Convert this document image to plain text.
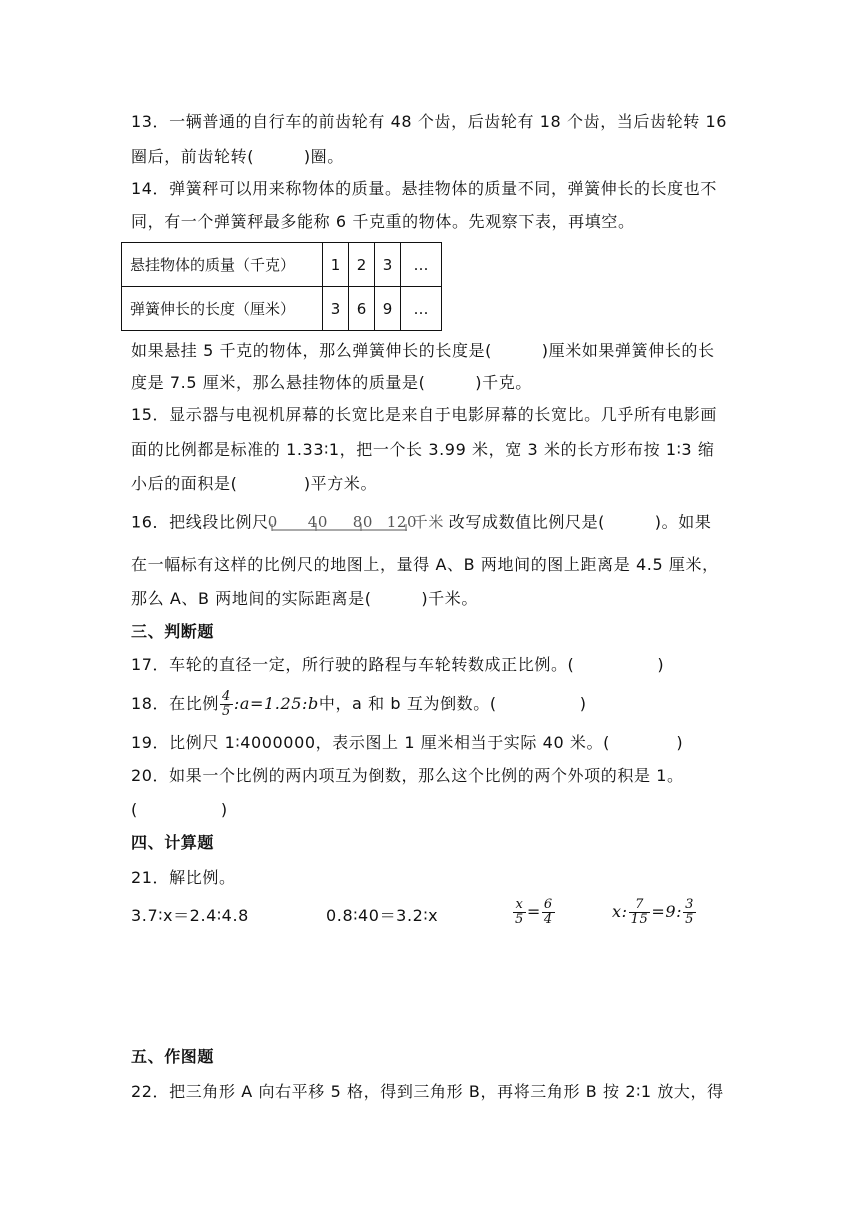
13．一辆普通的自行车的前齿轮有 48 个齿，后齿轮有 18 个齿，当后齿轮转 16
圈后，前齿轮转(　　　)圈。
14．弹簧秤可以用来称物体的质量。悬挂物体的质量不同，弹簧伸长的长度也不
同，有一个弹簧秤最多能称 6 千克重的物体。先观察下表，再填空。
悬挂物体的质量（千克）	1	2	3	…
弹簧伸长的长度（厘米）	3	6	9	…
如果悬挂 5 千克的物体，那么弹簧伸长的长度是(　　　)厘米如果弹簧伸长的长
度是 7.5 厘米，那么悬挂物体的质量是(　　　)千克。
15．显示器与电视机屏幕的长宽比是来自于电影屏幕的长宽比。几乎所有电影画
面的比例都是标准的 1.33∶1，把一个长 3.99 米，宽 3 米的长方形布按 1∶3 缩
小后的面积是(　　　　)平方米。
16．把线段比例尺 0 40 80 120
千米 改写成数值比例尺是(　　　)。如果
在一幅标有这样的比例尺的地图上，量得 A、B 两地间的图上距离是 4.5 厘米，
那么 A、B 两地间的实际距离是(　　　)千米。
三、判断题
17．车轮的直径一定，所行驶的路程与车轮转数成正比例。(　　　　　)
18．在比例 $\frac{4}{5}$ :a=1.25:b中，a 和 b 互为倒数。(　　　　　)
19．比例尺 1∶4000000，表示图上 1 厘米相当于实际 40 米。(　　　　)
20．如果一个比例的两内项互为倒数，那么这个比例的两个外项的积是 1。
(　　　　　)
四、计算题
21．解比例。
3.7∶x＝2.4∶4.8	0.8∶40＝3.2∶x	$\frac{x}{5} = \frac{6}{4}$	x: $\frac{7}{15} =9$: $\frac{3}{5}$
五、作图题
22．把三角形 A 向右平移 5 格，得到三角形 B，再将三角形 B 按 2∶1 放大，得
